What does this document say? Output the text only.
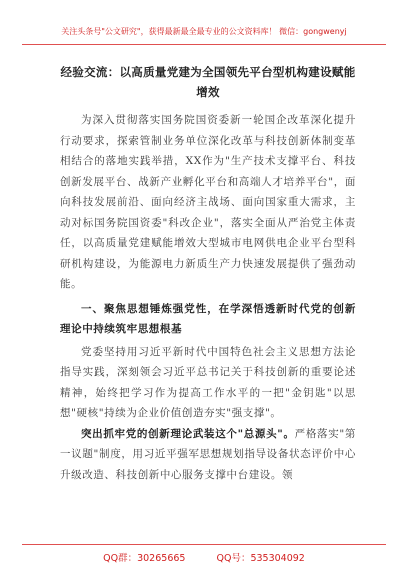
关注头条号"公文研究"，获得最新最全最专业的公文资料库！ 微信：gongwenyj
经验交流：以高质量党建为全国领先平台型机构建设赋能增效

为深入贯彻落实国务院国资委新一轮国企改革深化提升行动要求，探索管制业务单位深化改革与科技创新体制变革相结合的落地实践举措，XX作为"生产技术支撑平台、科技创新发展平台、战新产业孵化平台和高端人才培养平台"，面向科技发展前沿、面向经济主战场、面向国家重大需求，主动对标国务院国资委"科改企业"，落实全面从严治党主体责任，以高质量党建赋能增效大型城市电网供电企业平台型科研机构建设，为能源电力新质生产力快速发展提供了强劲动能。

一、聚焦思想锤炼强党性，在学深悟透新时代党的创新理论中持续筑牢思想根基

党委坚持用习近平新时代中国特色社会主义思想方法论指导实践，深刻领会习近平总书记关于科技创新的重要论述精神，始终把学习作为提高工作水平的一把"金钥匙"以思想"硬核"持续为企业价值创造夯实"强支撑"。

突出抓牢党的创新理论武装这个"总源头"。严格落实"第一议题"制度，用习近平强军思想规划指导设备状态评价中心升级改造、科技创新中心服务支撑中台建设。领

QQ群：30265665	QQ号：535304092
